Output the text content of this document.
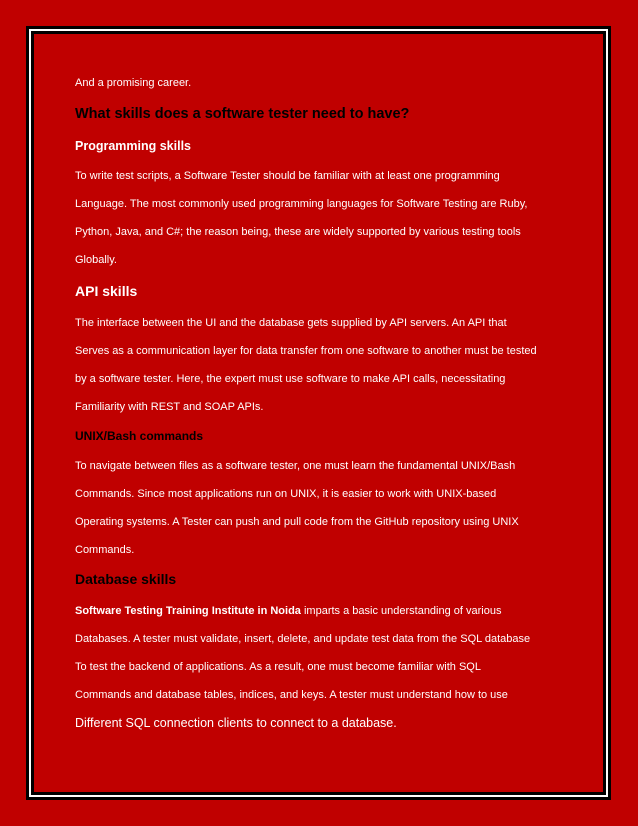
And a promising career.
What skills does a software tester need to have?
Programming skills
To write test scripts, a Software Tester should be familiar with at least one programming
Language. The most commonly used programming languages for Software Testing are Ruby,
Python, Java, and C#; the reason being, these are widely supported by various testing tools
Globally.
API skills
The interface between the UI and the database gets supplied by API servers. An API that
Serves as a communication layer for data transfer from one software to another must be tested
by a software tester. Here, the expert must use software to make API calls, necessitating
Familiarity with REST and SOAP APIs.
UNIX/Bash commands
To navigate between files as a software tester, one must learn the fundamental UNIX/Bash
Commands. Since most applications run on UNIX, it is easier to work with UNIX-based
Operating systems. A Tester can push and pull code from the GitHub repository using UNIX
Commands.
Database skills
Software Testing Training Institute in Noida imparts a basic understanding of various
Databases. A tester must validate, insert, delete, and update test data from the SQL database
To test the backend of applications. As a result, one must become familiar with SQL
Commands and database tables, indices, and keys. A tester must understand how to use
Different SQL connection clients to connect to a database.
